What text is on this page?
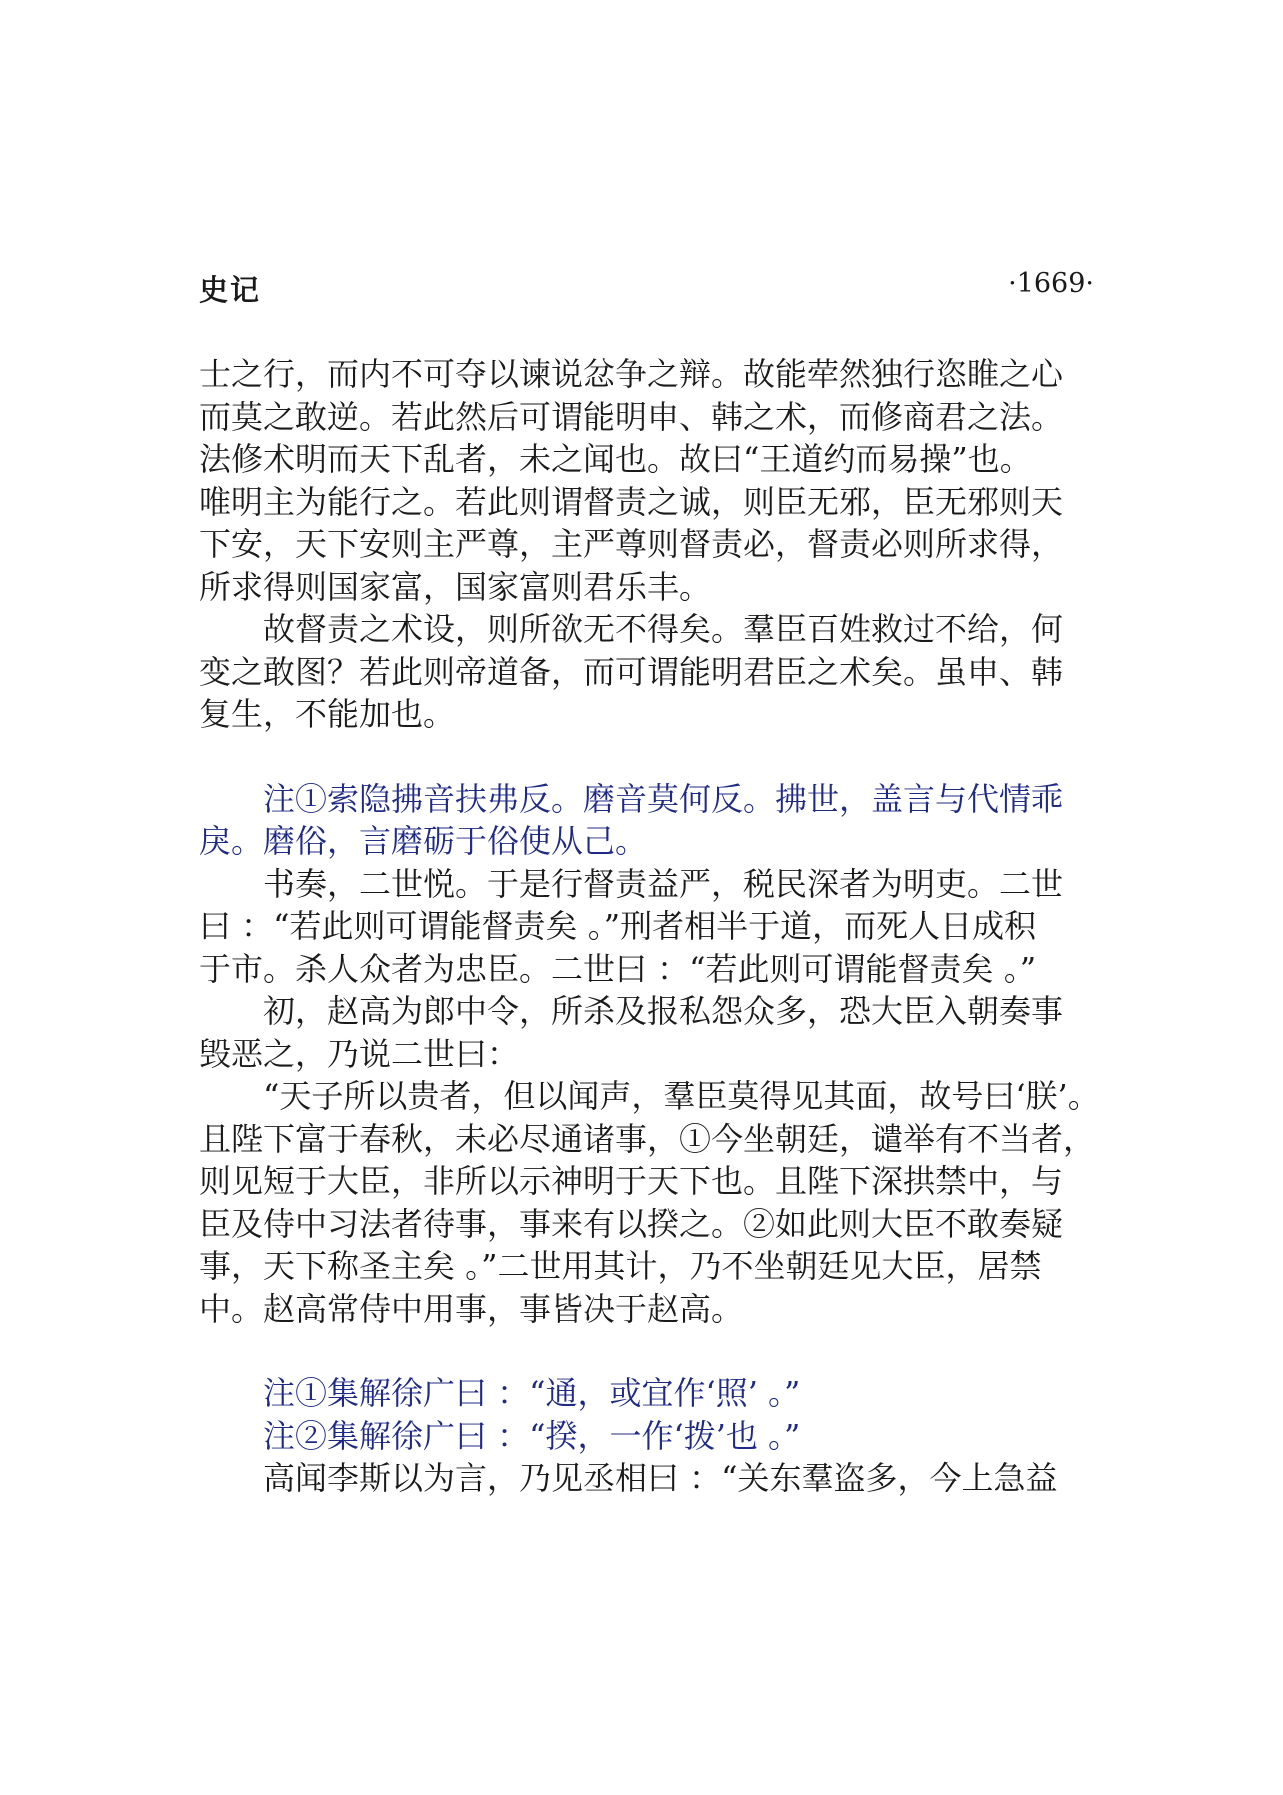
史记	·1669·
士之行，而内不可夺以谏说忿争之辩。故能荦然独行恣睢之心
而莫之敢逆。若此然后可谓能明申、韩之术，而修商君之法。
法修术明而天下乱者，未之闻也。故曰“王道约而易操”也。
唯明主为能行之。若此则谓督责之诚，则臣无邪，臣无邪则天
下安，天下安则主严尊，主严尊则督责必，督责必则所求得，
所求得则国家富，国家富则君乐丰。
故督责之术设，则所欲无不得矣。羣臣百姓救过不给，何
变之敢图？若此则帝道备，而可谓能明君臣之术矣。虽申、韩
复生，不能加也。
注①索隐拂音扶弗反。磨音莫何反。拂世，盖言与代情乖
戾。磨俗，言磨砺于俗使从己。
书奏，二世悦。于是行督责益严，税民深者为明吏。二世
曰 ：“若此则可谓能督责矣 。”刑者相半于道，而死人日成积
于市。杀人众者为忠臣。二世曰 ：“若此则可谓能督责矣 。”
初，赵高为郎中令，所杀及报私怨众多，恐大臣入朝奏事
毁恶之，乃说二世曰：
“天子所以贵者，但以闻声，羣臣莫得见其面，故号曰‘朕’。
且陛下富于春秋，未必尽通诸事，①今坐朝廷，谴举有不当者，
则见短于大臣，非所以示神明于天下也。且陛下深拱禁中，与
臣及侍中习法者待事，事来有以揆之。②如此则大臣不敢奏疑
事，天下称圣主矣 。”二世用其计，乃不坐朝廷见大臣，居禁
中。赵高常侍中用事，事皆决于赵高。
注①集解徐广曰 ：“通，或宜作‘照’ 。”
注②集解徐广曰 ：“揆，一作‘拨’也 。”
高闻李斯以为言，乃见丞相曰 ：“关东羣盗多，今上急益
